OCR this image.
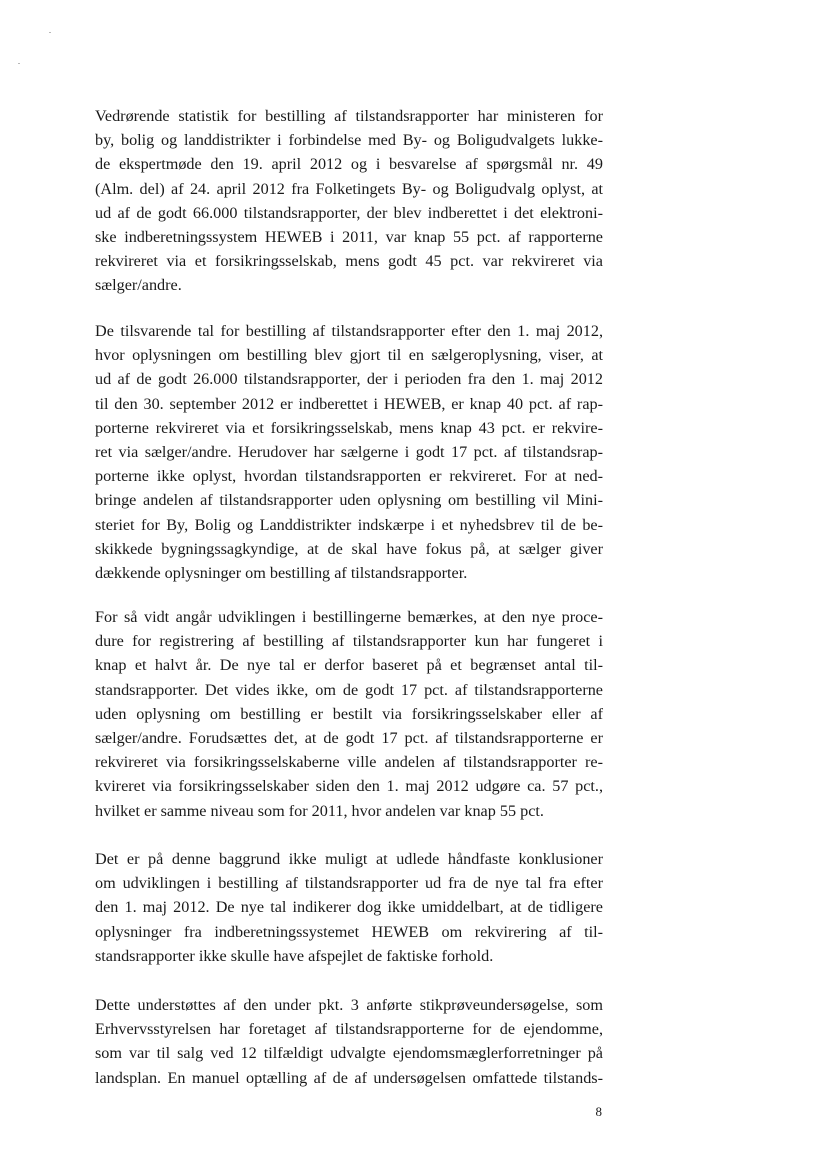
Vedrørende statistik for bestilling af tilstandsrapporter har ministeren for
by, bolig og landdistrikter i forbindelse med By- og Boligudvalgets lukke-
de ekspertmøde den 19. april 2012 og i besvarelse af spørgsmål nr. 49
(Alm. del) af 24. april 2012 fra Folketingets By- og Boligudvalg oplyst, at
ud af de godt 66.000 tilstandsrapporter, der blev indberettet i det elektroni-
ske indberetningssystem HEWEB i 2011, var knap 55 pct. af rapporterne
rekvireret via et forsikringsselskab, mens godt 45 pct. var rekvireret via
sælger/andre.

De tilsvarende tal for bestilling af tilstandsrapporter efter den 1. maj 2012,
hvor oplysningen om bestilling blev gjort til en sælgeroplysning, viser, at
ud af de godt 26.000 tilstandsrapporter, der i perioden fra den 1. maj 2012
til den 30. september 2012 er indberettet i HEWEB, er knap 40 pct. af rap-
porterne rekvireret via et forsikringsselskab, mens knap 43 pct. er rekvire-
ret via sælger/andre. Herudover har sælgerne i godt 17 pct. af tilstandsrap-
porterne ikke oplyst, hvordan tilstandsrapporten er rekvireret. For at ned-
bringe andelen af tilstandsrapporter uden oplysning om bestilling vil Mini-
steriet for By, Bolig og Landdistrikter indskærpe i et nyhedsbrev til de be-
skikkede bygningssagkyndige, at de skal have fokus på, at sælger giver
dækkende oplysninger om bestilling af tilstandsrapporter.

For så vidt angår udviklingen i bestillingerne bemærkes, at den nye proce-
dure for registrering af bestilling af tilstandsrapporter kun har fungeret i
knap et halvt år. De nye tal er derfor baseret på et begrænset antal til-
standsrapporter. Det vides ikke, om de godt 17 pct. af tilstandsrapporterne
uden oplysning om bestilling er bestilt via forsikringsselskaber eller af
sælger/andre. Forudsættes det, at de godt 17 pct. af tilstandsrapporterne er
rekvireret via forsikringsselskaberne ville andelen af tilstandsrapporter re-
kvireret via forsikringsselskaber siden den 1. maj 2012 udgøre ca. 57 pct.,
hvilket er samme niveau som for 2011, hvor andelen var knap 55 pct.

Det er på denne baggrund ikke muligt at udlede håndfaste konklusioner
om udviklingen i bestilling af tilstandsrapporter ud fra de nye tal fra efter
den 1. maj 2012. De nye tal indikerer dog ikke umiddelbart, at de tidligere
oplysninger fra indberetningssystemet HEWEB om rekvirering af til-
standsrapporter ikke skulle have afspejlet de faktiske forhold.

Dette understøttes af den under pkt. 3 anførte stikprøveundersøgelse, som
Erhvervsstyrelsen har foretaget af tilstandsrapporterne for de ejendomme,
som var til salg ved 12 tilfældigt udvalgte ejendomsmæglerforretninger på
landsplan. En manuel optælling af de af undersøgelsen omfattede tilstands-

8
